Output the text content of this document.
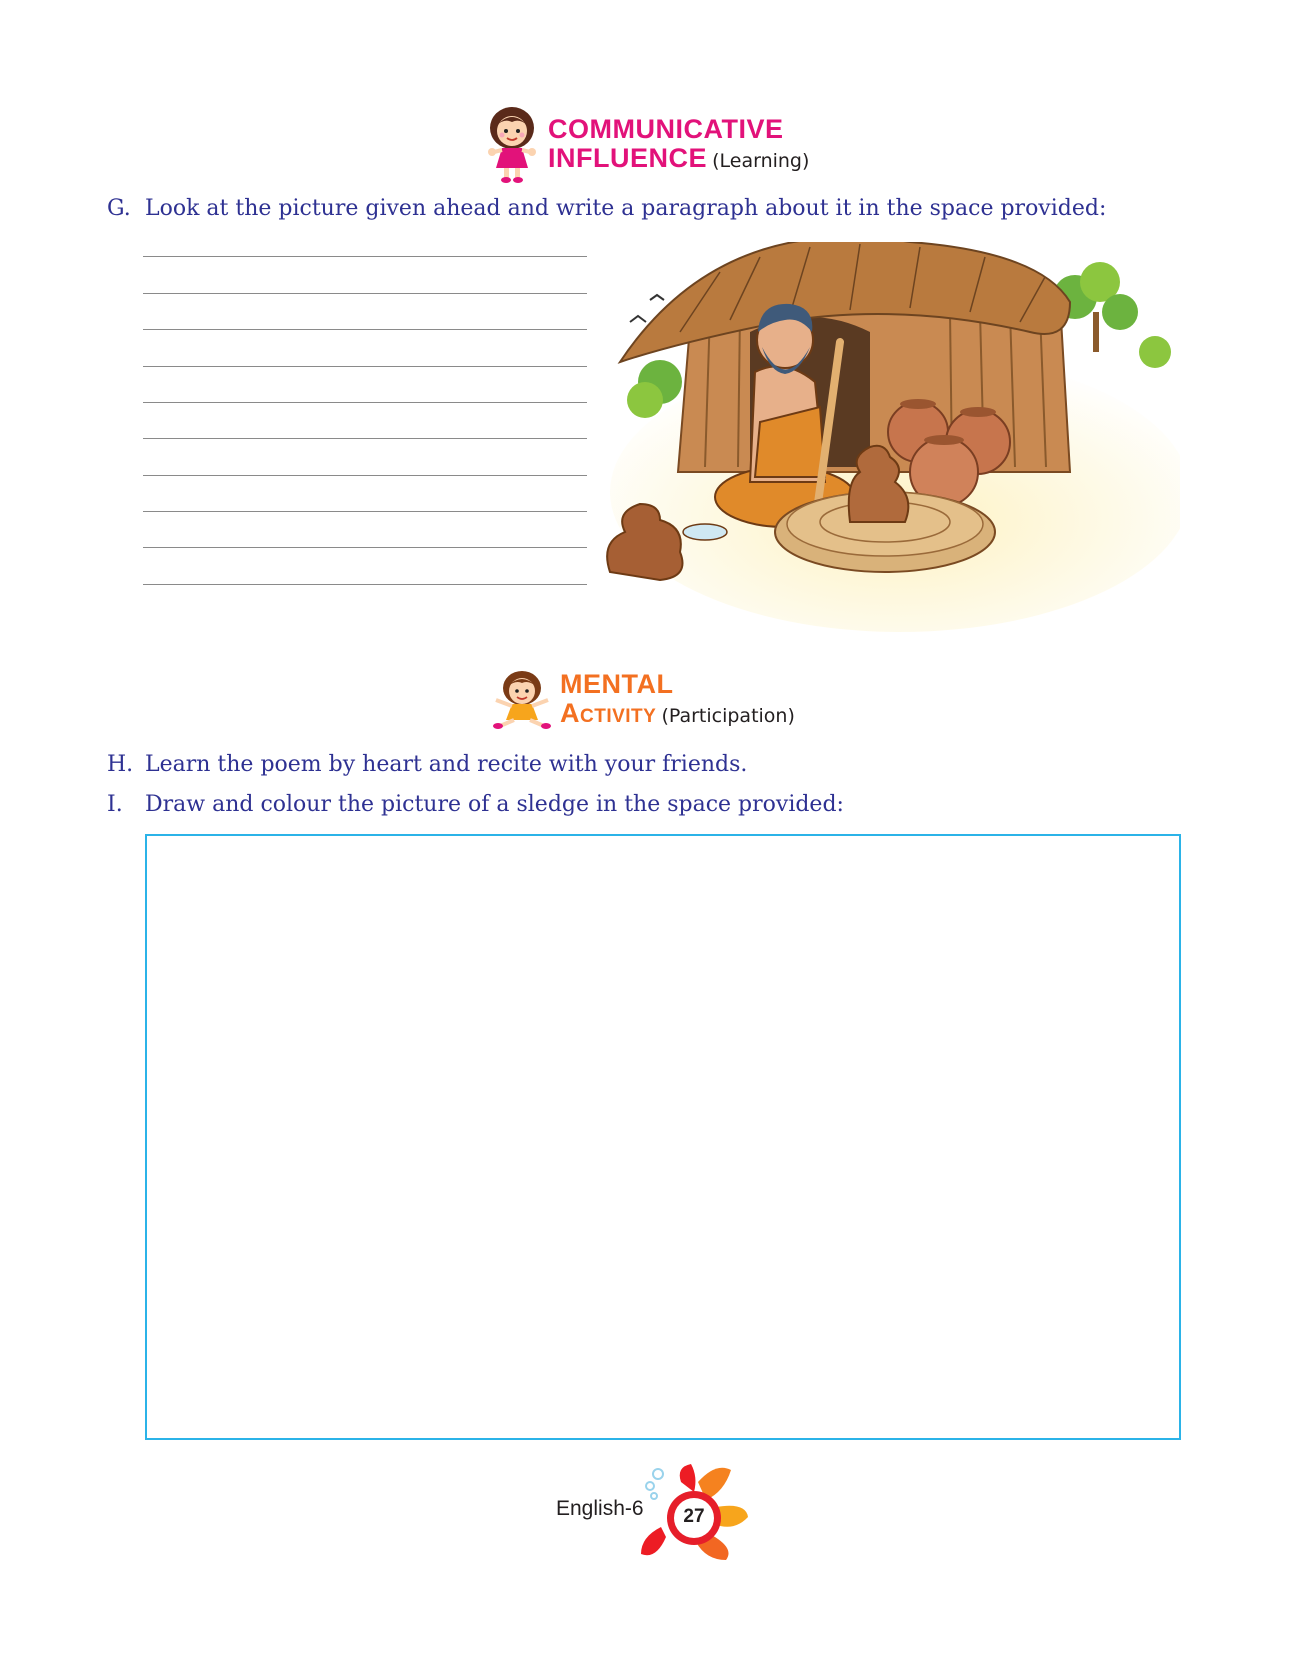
COMMUNICATIVE
INFLUENCE (Learning)
G. Look at the picture given ahead and write a paragraph about it in the space provided:
MENTAL
Activity (Participation)
H. Learn the poem by heart and recite with your friends.
I. Draw and colour the picture of a sledge in the space provided:
English-6	27
